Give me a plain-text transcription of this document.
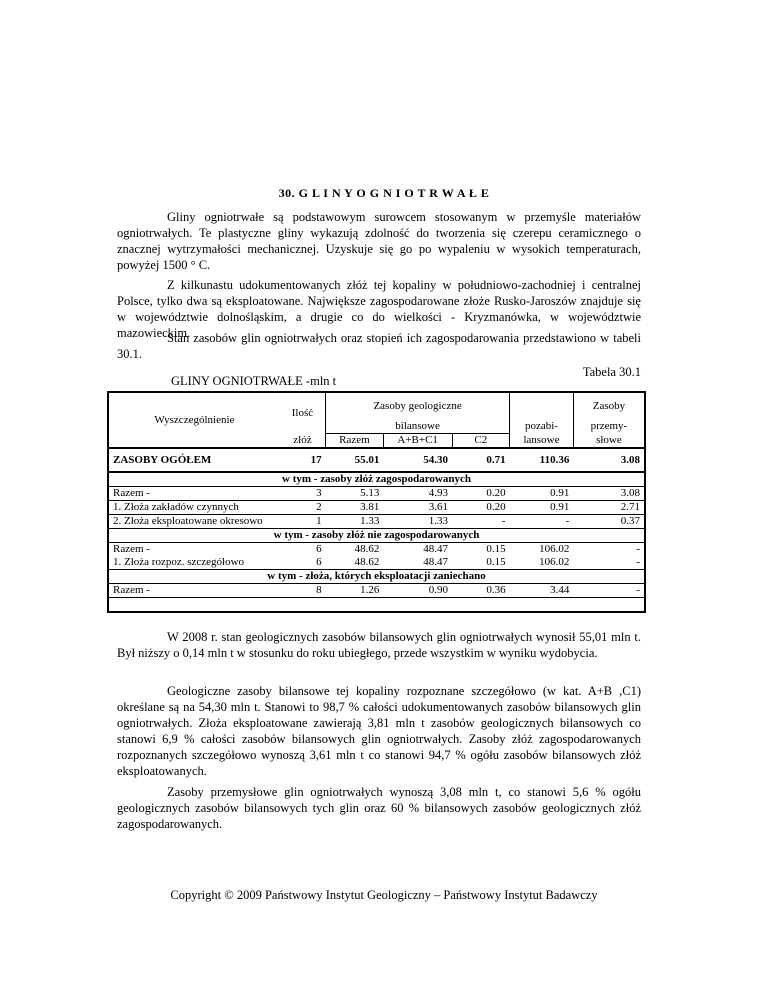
30. G L I N Y O G N I O T R W A Ł E

Gliny ogniotrwałe są podstawowym surowcem stosowanym w przemyśle materiałów ogniotrwałych. Te plastyczne gliny wykazują zdolność do tworzenia się czerepu ceramicznego o znacznej wytrzymałości mechanicznej. Uzyskuje się go po wypaleniu w wysokich temperaturach, powyżej 1500 ° C.

Z kilkunastu udokumentowanych złóż tej kopaliny w południowo-zachodniej i centralnej Polsce, tylko dwa są eksploatowane. Największe zagospodarowane złoże Rusko-Jaroszów znajduje się w województwie dolnośląskim, a drugie co do wielkości - Kryzmanówka, w województwie mazowieckim.

Stan zasobów glin ogniotrwałych oraz stopień ich zagospodarowania przedstawiono w tabeli 30.1.

Tabela 30.1
GLINY OGNIOTRWAŁE -mln t
Wyszczególnienie	Ilość	Zasoby geologiczne				Zasoby
		bilansowe			pozabi-	przemy-
	złóż	Razem	A+B+C1	C2	lansowe	słowe
ZASOBY OGÓŁEM	17	55.01	54.30	0.71	110.36	3.08
w tym - zasoby złóż zagospodarowanych						
Razem -	3	5.13	4.93	0.20	0.91	3.08
1. Złoża zakładów czynnych	2	3.81	3.61	0.20	0.91	2.71
2. Złoża eksploatowane okresowo	1	1.33	1.33	-	-	0.37
w tym - zasoby złóż nie zagospodarowanych						
Razem -	6	48.62	48.47	0.15	106.02	-
1. Złoża rozpoz. szczegółowo	6	48.62	48.47	0.15	106.02	-
w tym - złoża, których eksploatacji zaniechano						
Razem -	8	1.26	0.90	0.36	3.44	-

W 2008 r. stan geologicznych zasobów bilansowych glin ogniotrwałych wynosił 55,01 mln t. Był niższy o 0,14 mln t w stosunku do roku ubiegłego, przede wszystkim w wyniku wydobycia.

Geologiczne zasoby bilansowe tej kopaliny rozpoznane szczegółowo (w kat. A+B ,C1) określane są na 54,30 mln t. Stanowi to 98,7 % całości udokumentowanych zasobów bilansowych glin ogniotrwałych. Złoża eksploatowane zawierają 3,81 mln t zasobów geologicznych bilansowych co stanowi 6,9 % całości zasobów bilansowych glin ogniotrwałych. Zasoby złóż zagospodarowanych rozpoznanych szczegółowo wynoszą 3,61 mln t co stanowi 94,7 % ogółu zasobów bilansowych złóż eksploatowanych.

Zasoby przemysłowe glin ogniotrwałych wynoszą 3,08 mln t, co stanowi 5,6 % ogółu geologicznych zasobów bilansowych tych glin oraz 60 % bilansowych zasobów geologicznych złóż zagospodarowanych.

Copyright © 2009 Państwowy Instytut Geologiczny – Państwowy Instytut Badawczy
